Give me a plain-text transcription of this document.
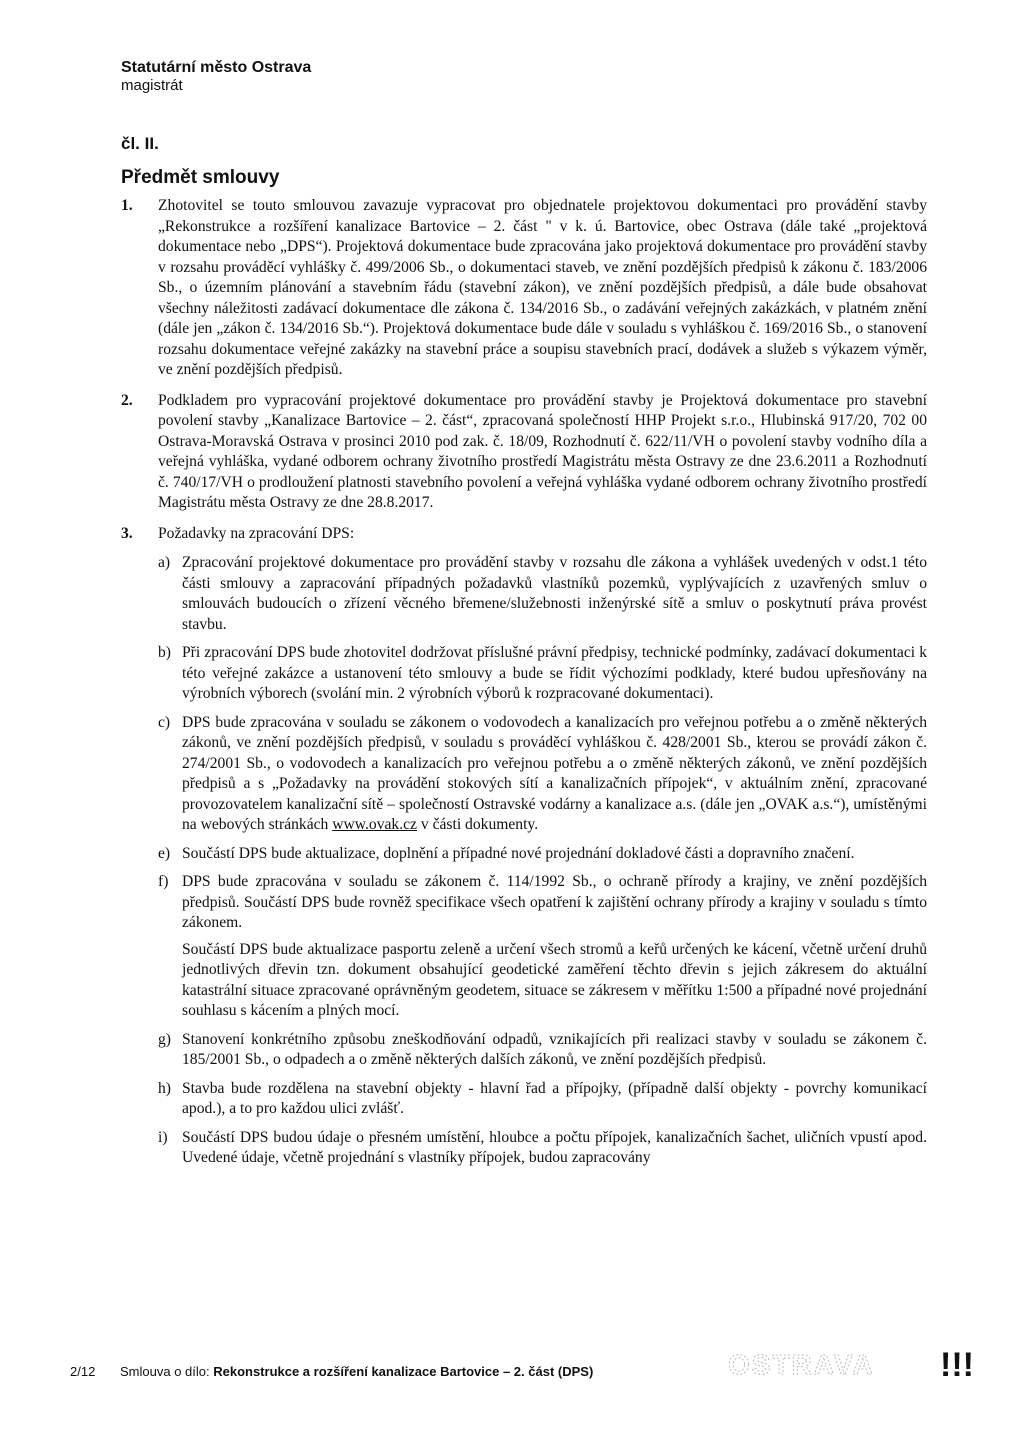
Statutární město Ostrava
magistrát
čl. II.
Předmět smlouvy
1.	Zhotovitel se touto smlouvou zavazuje vypracovat pro objednatele projektovou dokumentaci pro provádění stavby „Rekonstrukce a rozšíření kanalizace Bartovice – 2. část " v k. ú. Bartovice, obec Ostrava (dále také „projektová dokumentace nebo „DPS“). Projektová dokumentace bude zpracována jako projektová dokumentace pro provádění stavby v rozsahu prováděcí vyhlášky č. 499/2006 Sb., o dokumentaci staveb, ve znění pozdějších předpisů k zákonu č. 183/2006 Sb., o územním plánování a stavebním řádu (stavební zákon), ve znění pozdějších předpisů, a dále bude obsahovat všechny náležitosti zadávací dokumentace dle zákona č. 134/2016 Sb., o zadávání veřejných zakázkách, v platném znění (dále jen „zákon č. 134/2016 Sb.“). Projektová dokumentace bude dále v souladu s vyhláškou č. 169/2016 Sb., o stanovení rozsahu dokumentace veřejné zakázky na stavební práce a soupisu stavebních prací, dodávek a služeb s výkazem výměr, ve znění pozdějších předpisů.
2.	Podkladem pro vypracování projektové dokumentace pro provádění stavby je Projektová dokumentace pro stavební povolení stavby „Kanalizace Bartovice – 2. část“, zpracovaná společností HHP Projekt s.r.o., Hlubinská 917/20, 702 00 Ostrava-Moravská Ostrava v prosinci 2010 pod zak. č. 18/09, Rozhodnutí č. 622/11/VH o povolení stavby vodního díla a veřejná vyhláška, vydané odborem ochrany životního prostředí Magistrátu města Ostravy ze dne 23.6.2011 a Rozhodnutí č. 740/17/VH o prodloužení platnosti stavebního povolení a veřejná vyhláška vydané odborem ochrany životního prostředí Magistrátu města Ostravy ze dne 28.8.2017.
3.	Požadavky na zpracování DPS:
a) Zpracování projektové dokumentace pro provádění stavby v rozsahu dle zákona a vyhlášek uvedených v odst.1 této části smlouvy a zapracování případných požadavků vlastníků pozemků, vyplývajících z uzavřených smluv o smlouvách budoucích o zřízení věcného břemene/služebnosti inženýrské sítě a smluv o poskytnutí práva provést stavbu.
b) Při zpracování DPS bude zhotovitel dodržovat příslušné právní předpisy, technické podmínky, zadávací dokumentaci k této veřejné zakázce a ustanovení této smlouvy a bude se řídit výchozími podklady, které budou upřesňovány na výrobních výborech (svolání min. 2 výrobních výborů k rozpracované dokumentaci).
c) DPS bude zpracována v souladu se zákonem o vodovodech a kanalizacích pro veřejnou potřebu a o změně některých zákonů, ve znění pozdějších předpisů, v souladu s prováděcí vyhláškou č. 428/2001 Sb., kterou se provádí zákon č. 274/2001 Sb., o vodovodech a kanalizacích pro veřejnou potřebu a o změně některých zákonů, ve znění pozdějších předpisů a s „Požadavky na provádění stokových sítí a kanalizačních přípojek“, v aktuálním znění, zpracované provozovatelem kanalizační sítě – společností Ostravské vodárny a kanalizace a.s. (dále jen „OVAK a.s.“), umístěnými na webových stránkách www.ovak.cz v části dokumenty.
e) Součástí DPS bude aktualizace, doplnění a případné nové projednání dokladové části a dopravního značení.
f) DPS bude zpracována v souladu se zákonem č. 114/1992 Sb., o ochraně přírody a krajiny, ve znění pozdějších předpisů. Součástí DPS bude rovněž specifikace všech opatření k zajištění ochrany přírody a krajiny v souladu s tímto zákonem.
Součástí DPS bude aktualizace pasportu zeleně a určení všech stromů a keřů určených ke kácení, včetně určení druhů jednotlivých dřevin tzn. dokument obsahující geodetické zaměření těchto dřevin s jejich zákresem do aktuální katastrální situace zpracované oprávněným geodetem, situace se zákresem v měřítku 1:500 a případné nové projednání souhlasu s kácením a plných mocí.
g) Stanovení konkrétního způsobu zneškodňování odpadů, vznikajících při realizaci stavby v souladu se zákonem č. 185/2001 Sb., o odpadech a o změně některých dalších zákonů, ve znění pozdějších předpisů.
h) Stavba bude rozdělena na stavební objekty - hlavní řad a přípojky, (případně další objekty - povrchy komunikací apod.), a to pro každou ulici zvlášť.
i) Součástí DPS budou údaje o přesném umístění, hloubce a počtu přípojek, kanalizačních šachet, uličních vpustí apod. Uvedené údaje, včetně projednání s vlastníky přípojek, budou zapracovány
2/12 Smlouva o dílo: Rekonstrukce a rozšíření kanalizace Bartovice – 2. část (DPS)	OSTRAVA !!!
